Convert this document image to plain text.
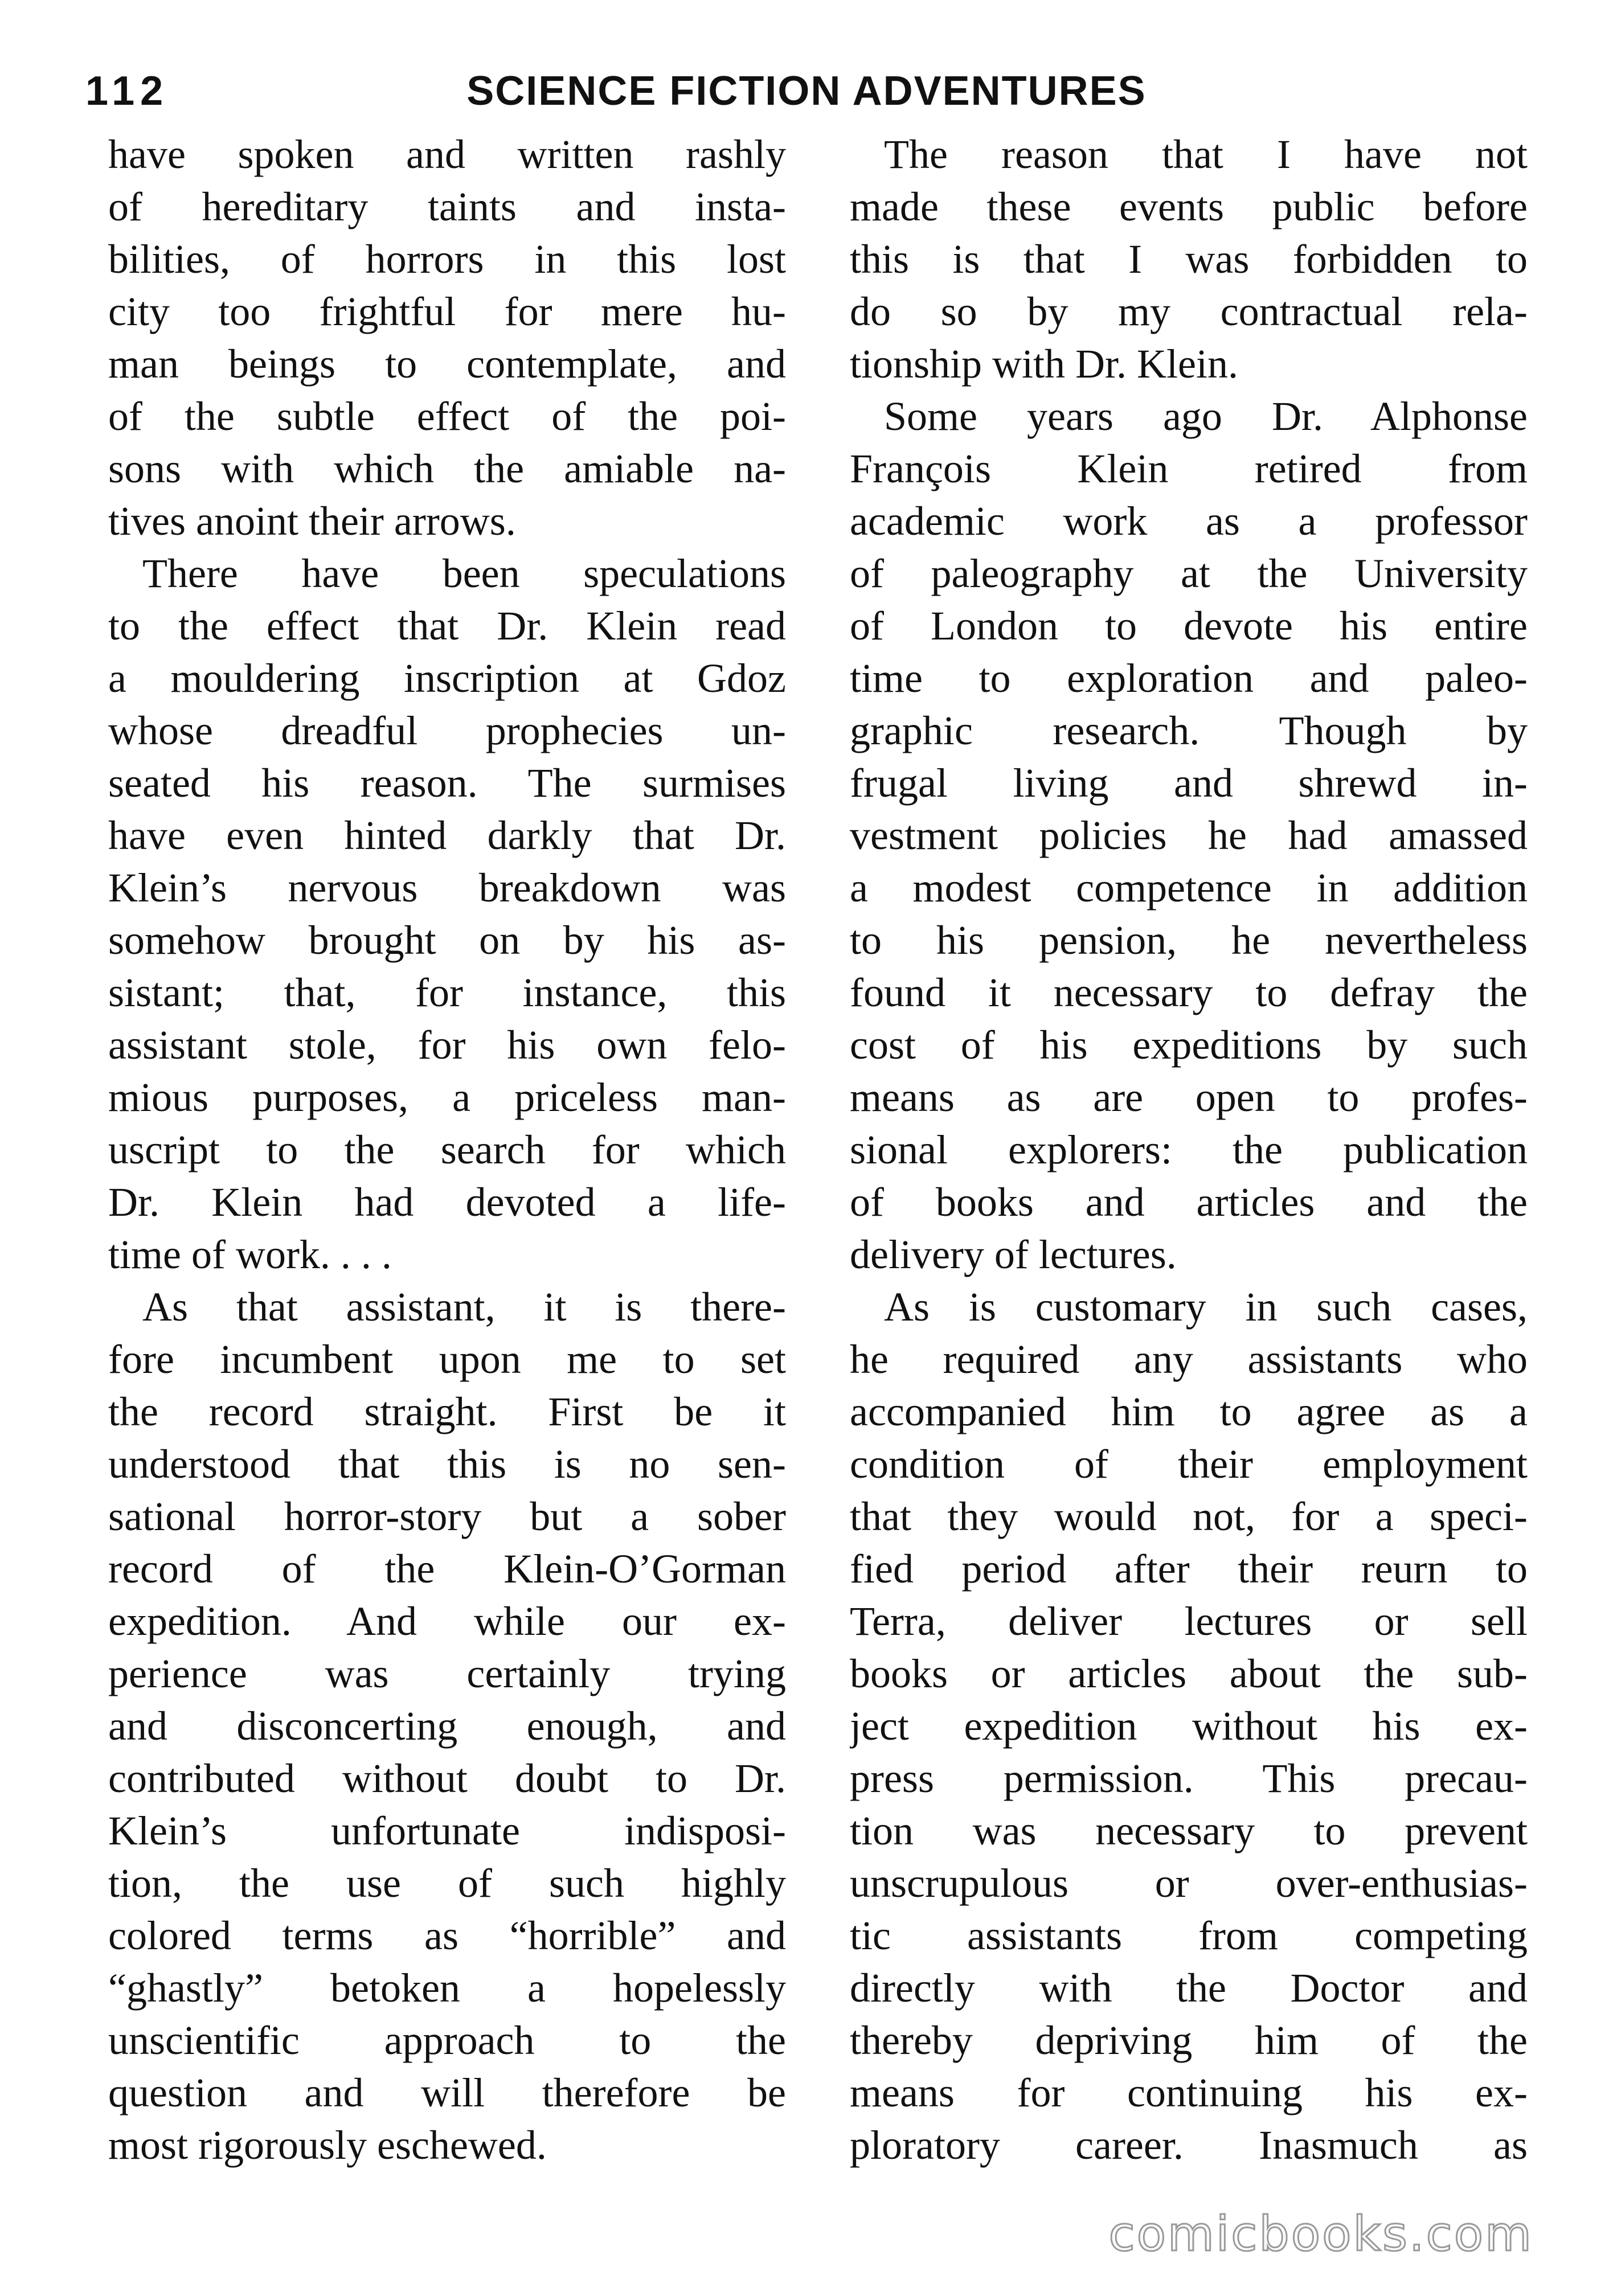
112	SCIENCE FICTION ADVENTURES
have spoken and written rashly
of hereditary taints and insta-
bilities, of horrors in this lost
city too frightful for mere hu-
man beings to contemplate, and
of the subtle effect of the poi-
sons with which the amiable na-
tives anoint their arrows.
There have been speculations
to the effect that Dr. Klein read
a mouldering inscription at Gdoz
whose dreadful prophecies un-
seated his reason. The surmises
have even hinted darkly that Dr.
Klein’s nervous breakdown was
somehow brought on by his as-
sistant; that, for instance, this
assistant stole, for his own felo-
mious purposes, a priceless man-
uscript to the search for which
Dr. Klein had devoted a life-
time of work. . . .
As that assistant, it is there-
fore incumbent upon me to set
the record straight. First be it
understood that this is no sen-
sational horror-story but a sober
record of the Klein-O’Gorman
expedition. And while our ex-
perience was certainly trying
and disconcerting enough, and
contributed without doubt to Dr.
Klein’s unfortunate indisposi-
tion, the use of such highly
colored terms as “horrible” and
“ghastly” betoken a hopelessly
unscientific approach to the
question and will therefore be
most rigorously eschewed.
The reason that I have not
made these events public before
this is that I was forbidden to
do so by my contractual rela-
tionship with Dr. Klein.
Some years ago Dr. Alphonse
François Klein retired from
academic work as a professor
of paleography at the University
of London to devote his entire
time to exploration and paleo-
graphic research. Though by
frugal living and shrewd in-
vestment policies he had amassed
a modest competence in addition
to his pension, he nevertheless
found it necessary to defray the
cost of his expeditions by such
means as are open to profes-
sional explorers: the publication
of books and articles and the
delivery of lectures.
As is customary in such cases,
he required any assistants who
accompanied him to agree as a
condition of their employment
that they would not, for a speci-
fied period after their reurn to
Terra, deliver lectures or sell
books or articles about the sub-
ject expedition without his ex-
press permission. This precau-
tion was necessary to prevent
unscrupulous or over-enthusias-
tic assistants from competing
directly with the Doctor and
thereby depriving him of the
means for continuing his ex-
ploratory career. Inasmuch as
comicbooks.com
